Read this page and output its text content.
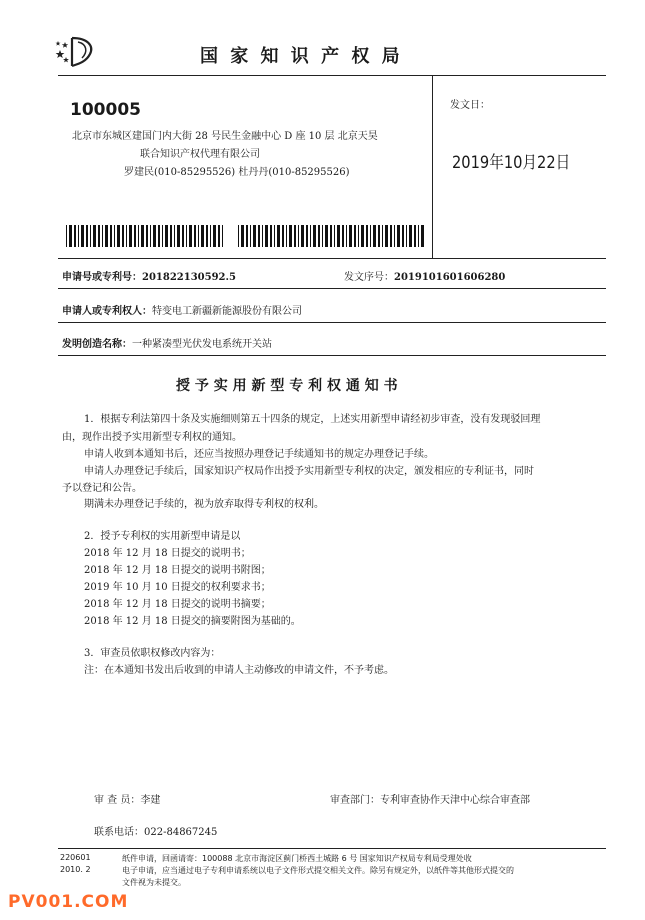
国 家 知 识 产 权 局
100005
北京市东城区建国门内大街 28 号民生金融中心 D 座 10 层 北京天昊
联合知识产权代理有限公司
罗建民(010-85295526) 杜丹丹(010-85295526)
发文日：
2019年10月22日
申请号或专利号：201822130592.5	发文序号：2019101601606280
申请人或专利权人：特变电工新疆新能源股份有限公司
发明创造名称：一种紧凑型光伏发电系统开关站
授 予 实 用 新 型 专 利 权 通 知 书
1．根据专利法第四十条及实施细则第五十四条的规定，上述实用新型申请经初步审查，没有发现驳回理
由，现作出授予实用新型专利权的通知。
申请人收到本通知书后，还应当按照办理登记手续通知书的规定办理登记手续。
申请人办理登记手续后，国家知识产权局作出授予实用新型专利权的决定，颁发相应的专利证书，同时
予以登记和公告。
期满未办理登记手续的，视为放弃取得专利权的权利。
2．授予专利权的实用新型申请是以
2018 年 12 月 18 日提交的说明书；
2018 年 12 月 18 日提交的说明书附图；
2019 年 10 月 10 日提交的权利要求书；
2018 年 12 月 18 日提交的说明书摘要；
2018 年 12 月 18 日提交的摘要附图为基础的。
3．审查员依职权修改内容为：
注：在本通知书发出后收到的申请人主动修改的申请文件，不予考虑。
审 查 员：李建	审查部门：专利审查协作天津中心综合审查部
联系电话：022-84867245
220601
2010. 2
纸件申请，回函请寄：100088 北京市海淀区蓟门桥西土城路 6 号 国家知识产权局专利局受理处收
电子申请，应当通过电子专利申请系统以电子文件形式提交相关文件。除另有规定外，以纸件等其他形式提交的
文件视为未提交。
PV001.COM
